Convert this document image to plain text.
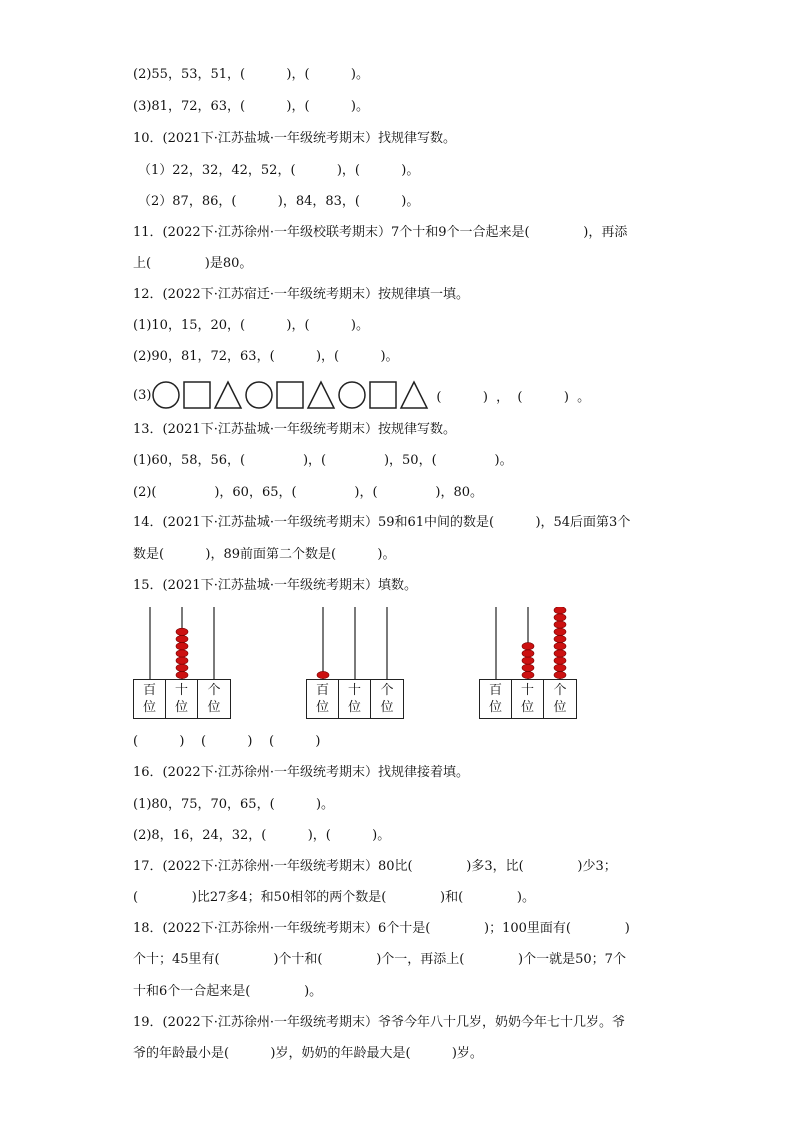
(2)55，53，51，(          )，(          )。
(3)81，72，63，(          )，(          )。
10．(2021下·江苏盐城·一年级统考期末）找规律写数。
（1）22，32，42，52，(          )，(          )。
（2）87，86，(          )，84，83，(          )。
11．(2022下·江苏徐州·一年级校联考期末）7个十和9个一合起来是(             )，再添
上(             )是80。
12．(2022下·江苏宿迁·一年级统考期末）按规律填一填。
(1)10，15，20，(          )，(          )。
(2)90，81，72，63，(          )，(          )。
(3)	(          )  ，  (          )  。
13．(2021下·江苏盐城·一年级统考期末）按规律写数。
(1)60，58，56，(              )，(              )，50，(              )。
(2)(              )，60，65，(              )，(              )，80。
14．(2021下·江苏盐城·一年级统考期末）59和61中间的数是(          )，54后面第3个
数是(          )，89前面第二个数是(          )。
15．(2021下·江苏盐城·一年级统考期末）填数。
百
位
十
位
个
位
百
位
十
位
个
位
百
位
十
位
个
位
(          )    (          )    (          )
16．(2022下·江苏徐州·一年级统考期末）找规律接着填。
(1)80，75，70，65，(          )。
(2)8，16，24，32，(          )，(          )。
17．(2022下·江苏徐州·一年级统考期末）80比(             )多3，比(             )少3；
(             )比27多4；和50相邻的两个数是(             )和(             )。
18．(2022下·江苏徐州·一年级统考期末）6个十是(             )；100里面有(             )
个十；45里有(             )个十和(             )个一，再添上(             )个一就是50；7个
十和6个一合起来是(             )。
19．(2022下·江苏徐州·一年级统考期末）爷爷今年八十几岁，奶奶今年七十几岁。爷
爷的年龄最小是(          )岁，奶奶的年龄最大是(          )岁。
